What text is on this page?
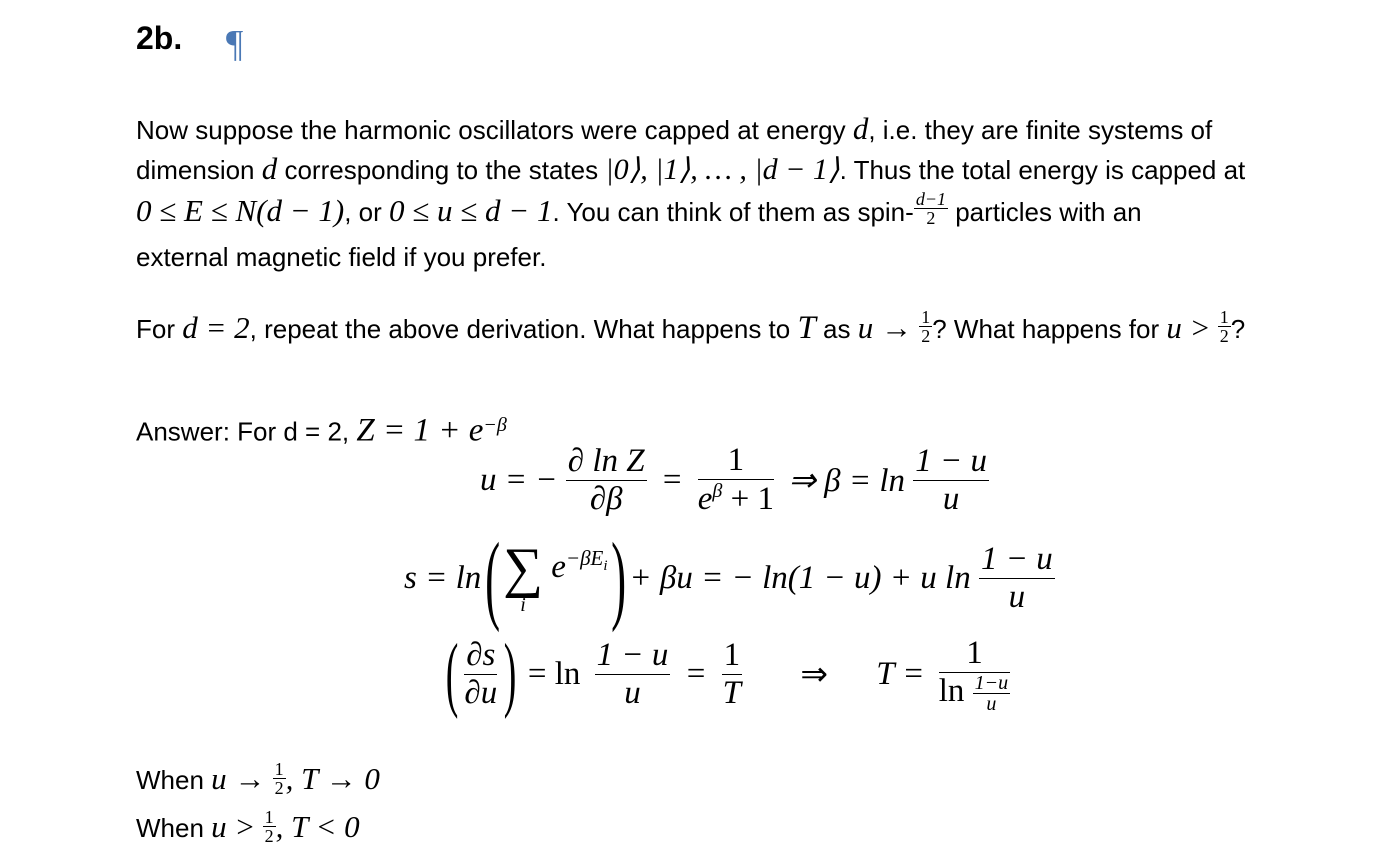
2b. ¶
Now suppose the harmonic oscillators were capped at energy d, i.e. they are finite systems of
dimension d corresponding to the states |0⟩, |1⟩, … , |d − 1⟩. Thus the total energy is capped at
0 ≤ E ≤ N(d − 1), or 0 ≤ u ≤ d − 1. You can think of them as spin- $\frac{d-1}{2}$ particles with an
external magnetic field if you prefer.
For d = 2, repeat the above derivation. What happens to T as $u \to \frac{1}{2}$ ? What happens for $u > \frac{1}{2}$ ?
Answer: For d = 2, $Z = 1 + e^{-\beta}$
u = − $\frac{\text{∂ ln Z}}{\partial\beta} = \frac{1}{e^\beta + 1}$ ⇒ $\beta = \ln \frac{1 - u}{u}$
s = ln ( ∑
i
$e^{-\beta E_i}$ ) + βu = − ln(1 − u) + u $\ln \frac{1 - u}{u}$
( $\frac{\partial s}{\partial u}$ ) = $\ln \frac{1 - u}{u} = \frac{1}{T}$ ⇒ $T = \frac{1}{\ln \frac{1-u}{u}}$
When $u \to \frac{1}{2}$ , T → 0
When $u > \frac{1}{2}$ , T < 0
